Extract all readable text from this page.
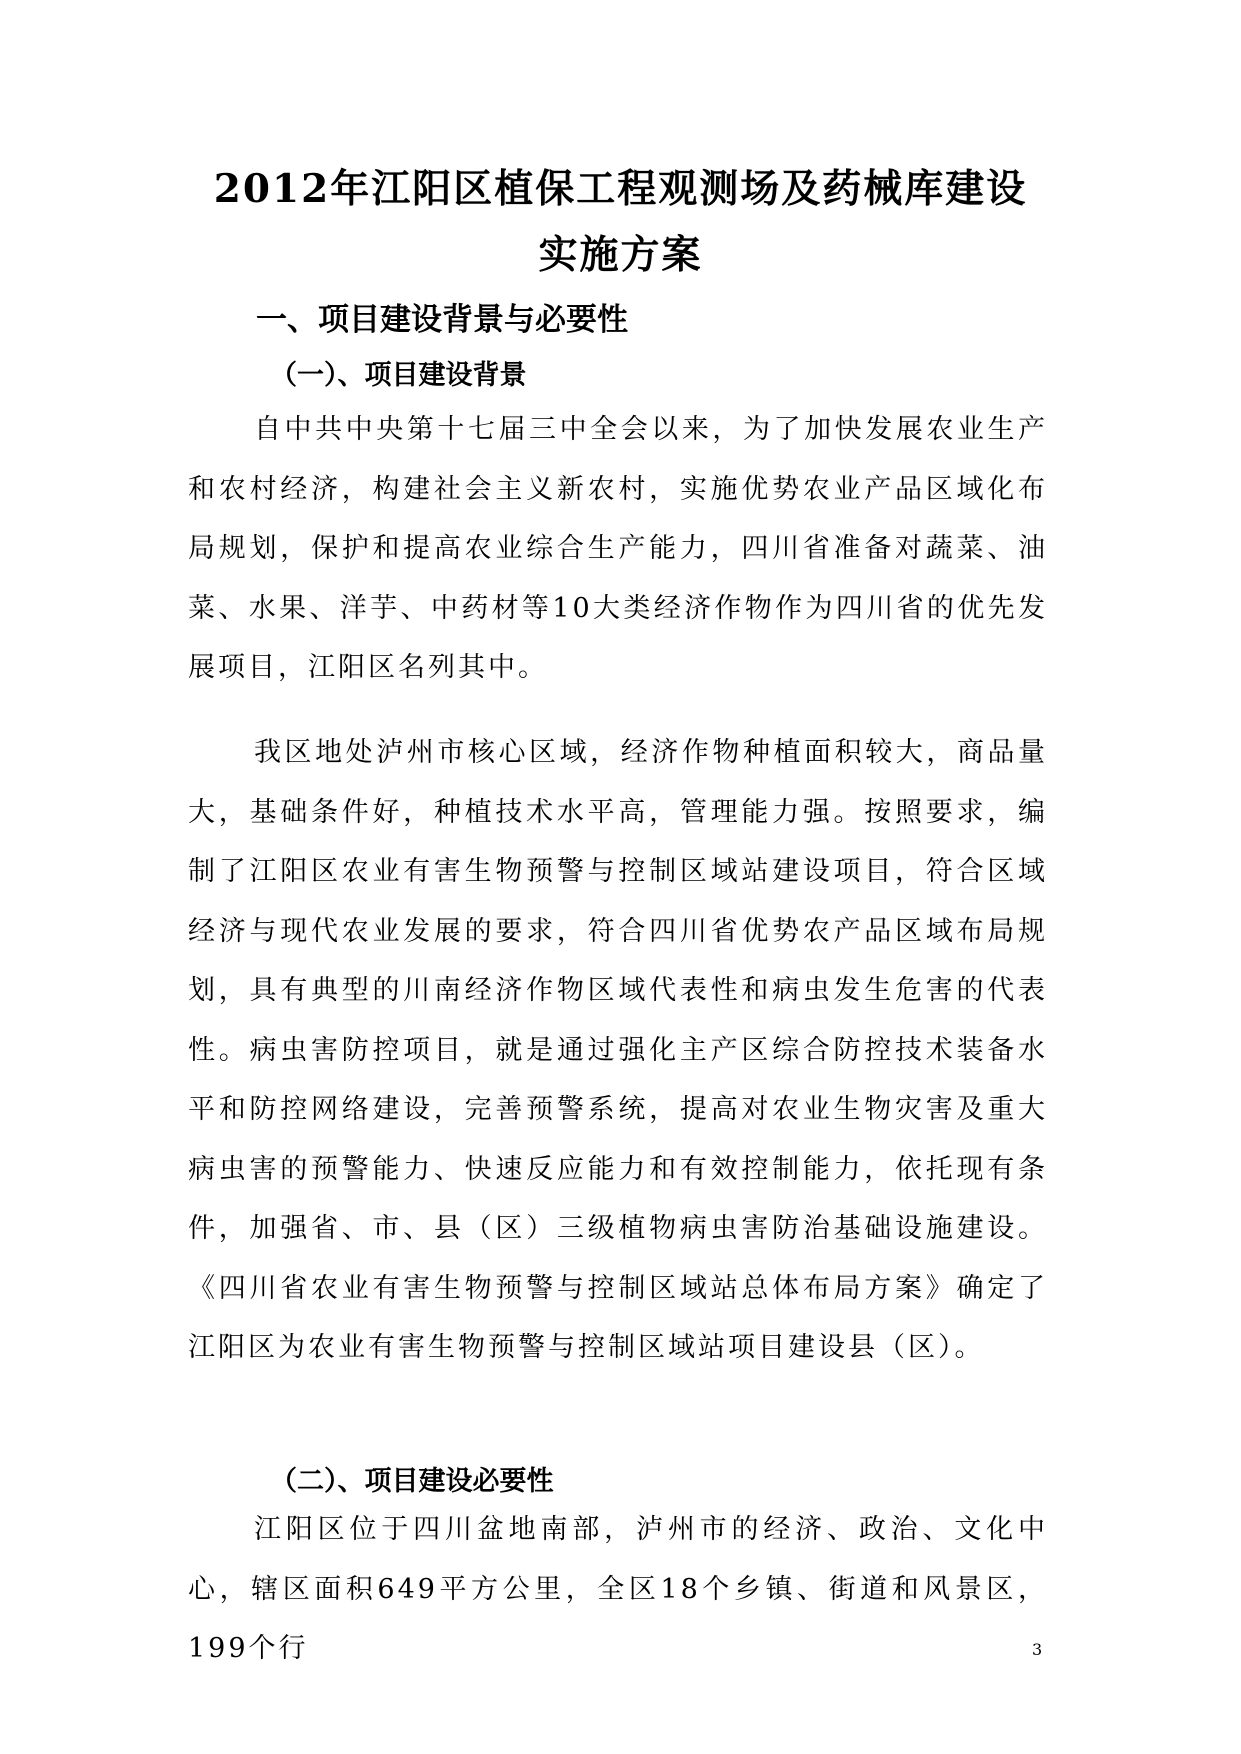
2012年江阳区植保工程观测场及药械库建设
实施方案
一、项目建设背景与必要性
（一）、项目建设背景
自中共中央第十七届三中全会以来，为了加快发展农业生产和农村经济，构建社会主义新农村，实施优势农业产品区域化布局规划，保护和提高农业综合生产能力，四川省准备对蔬菜、油菜、水果、洋芋、中药材等10大类经济作物作为四川省的优先发展项目，江阳区名列其中。
我区地处泸州市核心区域，经济作物种植面积较大，商品量大，基础条件好，种植技术水平高，管理能力强。按照要求，编制了江阳区农业有害生物预警与控制区域站建设项目，符合区域经济与现代农业发展的要求，符合四川省优势农产品区域布局规划，具有典型的川南经济作物区域代表性和病虫发生危害的代表性。病虫害防控项目，就是通过强化主产区综合防控技术装备水平和防控网络建设，完善预警系统，提高对农业生物灾害及重大病虫害的预警能力、快速反应能力和有效控制能力，依托现有条件，加强省、市、县（区）三级植物病虫害防治基础设施建设。《四川省农业有害生物预警与控制区域站总体布局方案》确定了江阳区为农业有害生物预警与控制区域站项目建设县（区）。
（二）、项目建设必要性
江阳区位于四川盆地南部，泸州市的经济、政治、文化中心，辖区面积649平方公里，全区18个乡镇、街道和风景区，199个行	3
